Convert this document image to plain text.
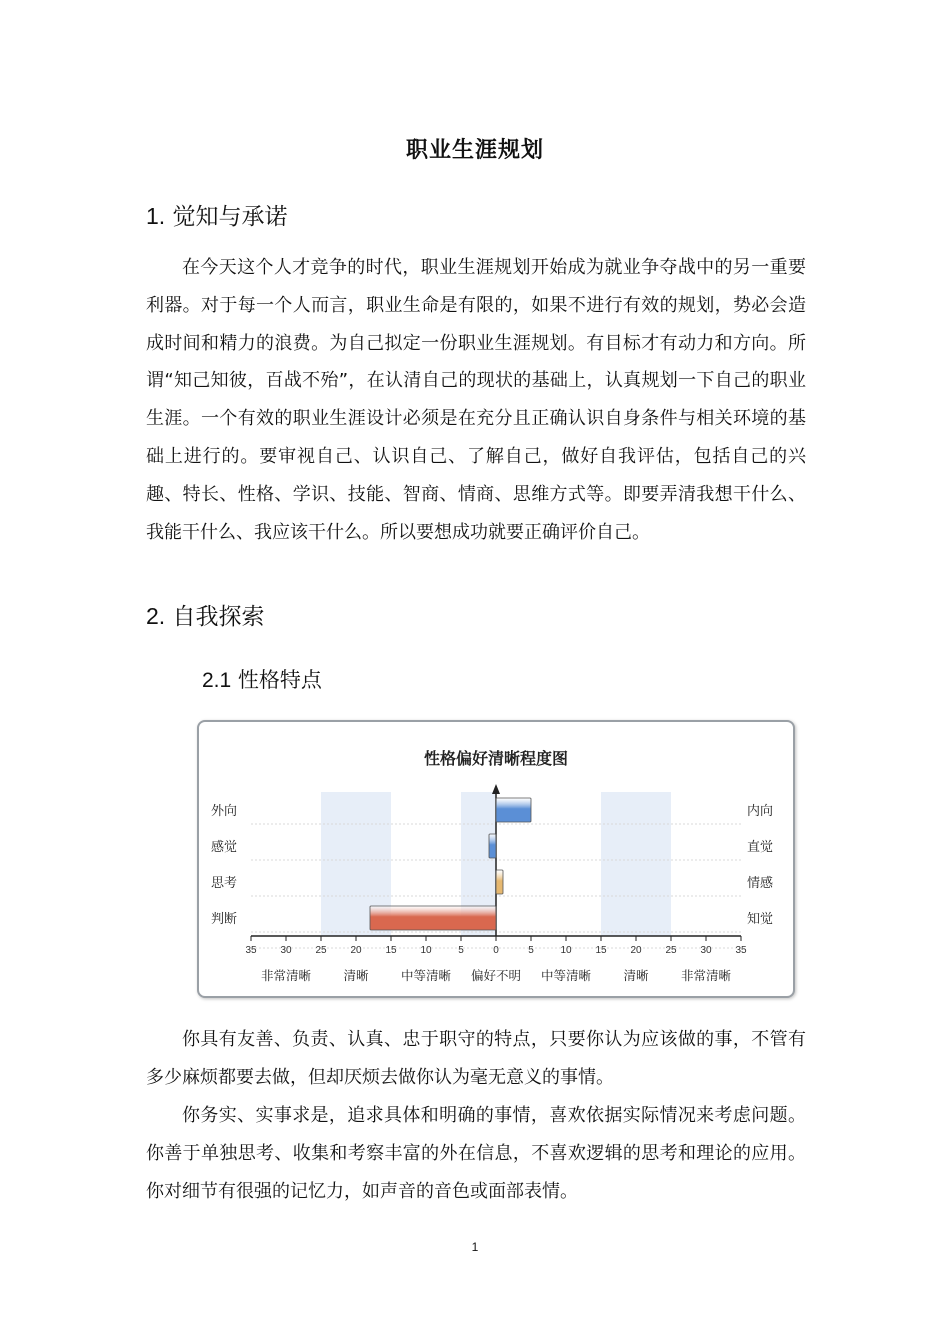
职业生涯规划
1. 觉知与承诺

在今天这个人才竞争的时代，职业生涯规划开始成为就业争夺战中的另一重要利器。对于每一个人而言，职业生命是有限的，如果不进行有效的规划，势必会造成时间和精力的浪费。为自己拟定一份职业生涯规划。有目标才有动力和方向。所谓“知己知彼，百战不殆”，在认清自己的现状的基础上，认真规划一下自己的职业生涯。一个有效的职业生涯设计必须是在充分且正确认识自身条件与相关环境的基础上进行的。要审视自己、认识自己、了解自己，做好自我评估，包括自己的兴趣、特长、性格、学识、技能、智商、情商、思维方式等。即要弄清我想干什么、我能干什么、我应该干什么。所以要想成功就要正确评价自己。

2. 自我探索
2.1 性格特点
性格偏好清晰程度图
外向
感觉
思考
判断
内向
直觉
情感
知觉
35 30 25 20 15 10	5	0	5	10 15 20 25 30 35
非常清晰	清晰	中等清晰 偏好不明 中等清晰	清晰	非常清晰

你具有友善、负责、认真、忠于职守的特点，只要你认为应该做的事，不管有多少麻烦都要去做，但却厌烦去做你认为毫无意义的事情。

你务实、实事求是，追求具体和明确的事情，喜欢依据实际情况来考虑问题。你善于单独思考、收集和考察丰富的外在信息，不喜欢逻辑的思考和理论的应用。你对细节有很强的记忆力，如声音的音色或面部表情。

1
